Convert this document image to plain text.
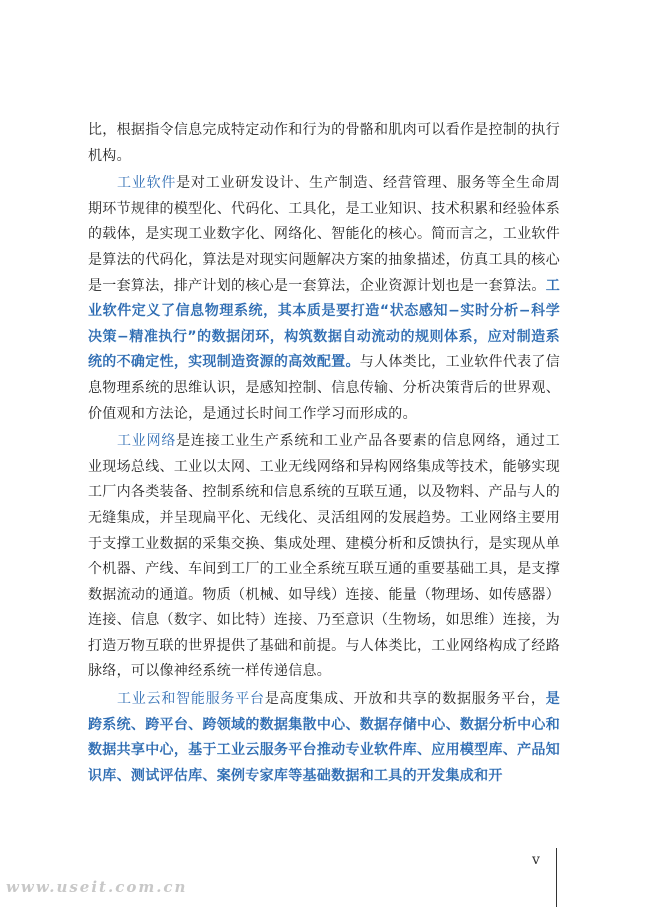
比，根据指令信息完成特定动作和行为的骨骼和肌肉可以看作是控制的执行机构。

工业软件是对工业研发设计、生产制造、经营管理、服务等全生命周期环节规律的模型化、代码化、工具化，是工业知识、技术积累和经验体系的载体，是实现工业数字化、网络化、智能化的核心。简而言之，工业软件是算法的代码化，算法是对现实问题解决方案的抽象描述，仿真工具的核心是一套算法，排产计划的核心是一套算法，企业资源计划也是一套算法。工业软件定义了信息物理系统，其本质是要打造“状态感知−实时分析−科学决策−精准执行”的数据闭环，构筑数据自动流动的规则体系，应对制造系统的不确定性，实现制造资源的高效配置。与人体类比，工业软件代表了信息物理系统的思维认识，是感知控制、信息传输、分析决策背后的世界观、价值观和方法论，是通过长时间工作学习而形成的。

工业网络是连接工业生产系统和工业产品各要素的信息网络，通过工业现场总线、工业以太网、工业无线网络和异构网络集成等技术，能够实现工厂内各类装备、控制系统和信息系统的互联互通，以及物料、产品与人的无缝集成，并呈现扁平化、无线化、灵活组网的发展趋势。工业网络主要用于支撑工业数据的采集交换、集成处理、建模分析和反馈执行，是实现从单个机器、产线、车间到工厂的工业全系统互联互通的重要基础工具，是支撑数据流动的通道。物质（机械、如导线）连接、能量（物理场、如传感器）连接、信息（数字、如比特）连接、乃至意识（生物场，如思维）连接，为打造万物互联的世界提供了基础和前提。与人体类比，工业网络构成了经路脉络，可以像神经系统一样传递信息。

工业云和智能服务平台是高度集成、开放和共享的数据服务平台，是跨系统、跨平台、跨领域的数据集散中心、数据存储中心、数据分析中心和数据共享中心，基于工业云服务平台推动专业软件库、应用模型库、产品知识库、测试评估库、案例专家库等基础数据和工具的开发集成和开

v
www.useit.com.cn
